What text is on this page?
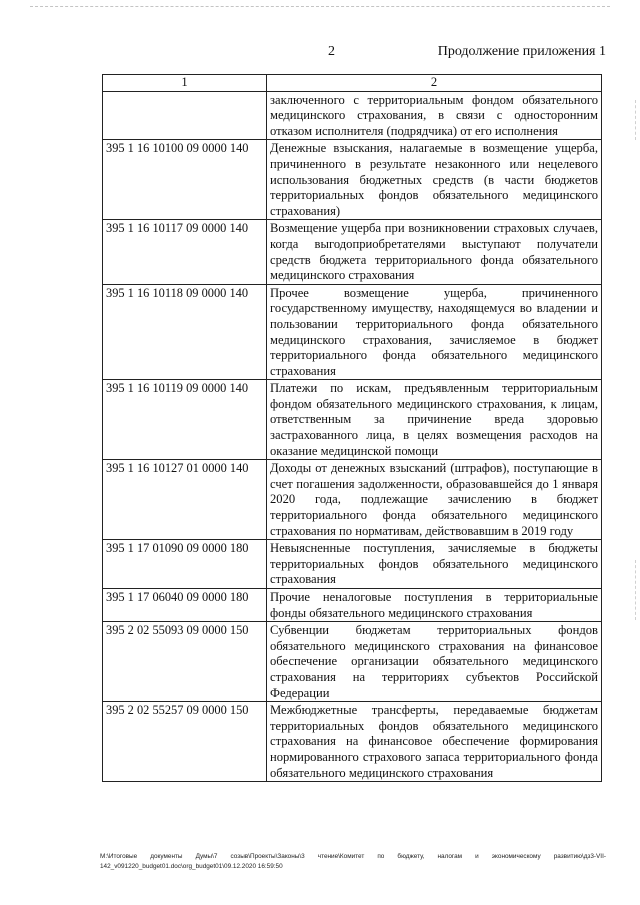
2	Продолжение приложения 1
1	2
	заключенного с территориальным фондом обязательного медицинского страхования, в связи с односторонним отказом исполнителя (подрядчика) от его исполнения
395 1 16 10100 09 0000 140	Денежные взыскания, налагаемые в возмещение ущерба, причиненного в результате незаконного или нецелевого использования бюджетных средств (в части бюджетов территориальных фондов обязательного медицинского страхования)
395 1 16 10117 09 0000 140	Возмещение ущерба при возникновении страховых случаев, когда выгодоприобретателями выступают получатели средств бюджета территориального фонда обязательного медицинского страхования
395 1 16 10118 09 0000 140	Прочее возмещение ущерба, причиненного государственному имуществу, находящемуся во владении и пользовании территориального фонда обязательного медицинского страхования, зачисляемое в бюджет территориального фонда обязательного медицинского страхования
395 1 16 10119 09 0000 140	Платежи по искам, предъявленным территориальным фондом обязательного медицинского страхования, к лицам, ответственным за причинение вреда здоровью застрахованного лица, в целях возмещения расходов на оказание медицинской помощи
395 1 16 10127 01 0000 140	Доходы от денежных взысканий (штрафов), поступающие в счет погашения задолженности, образовавшейся до 1 января 2020 года, подлежащие зачислению в бюджет территориального фонда обязательного медицинского страхования по нормативам, действовавшим в 2019 году
395 1 17 01090 09 0000 180	Невыясненные поступления, зачисляемые в бюджеты территориальных фондов обязательного медицинского страхования
395 1 17 06040 09 0000 180	Прочие неналоговые поступления в территориальные фонды обязательного медицинского страхования
395 2 02 55093 09 0000 150	Субвенции бюджетам территориальных фондов обязательного медицинского страхования на финансовое обеспечение организации обязательного медицинского страхования на территориях субъектов Российской Федерации
395 2 02 55257 09 0000 150	Межбюджетные трансферты, передаваемые бюджетам территориальных фондов обязательного медицинского страхования на финансовое обеспечение формирования нормированного страхового запаса территориального фонда обязательного медицинского страхования
М:\Итоговые документы Думы\7 созыв\Проекты\Законы\3 чтение\Комитет по бюджету, налогам и экономическому развитию\дз3-VII-142_v091220_budget01.doc\org_budget01\09.12.2020 16:59:50
